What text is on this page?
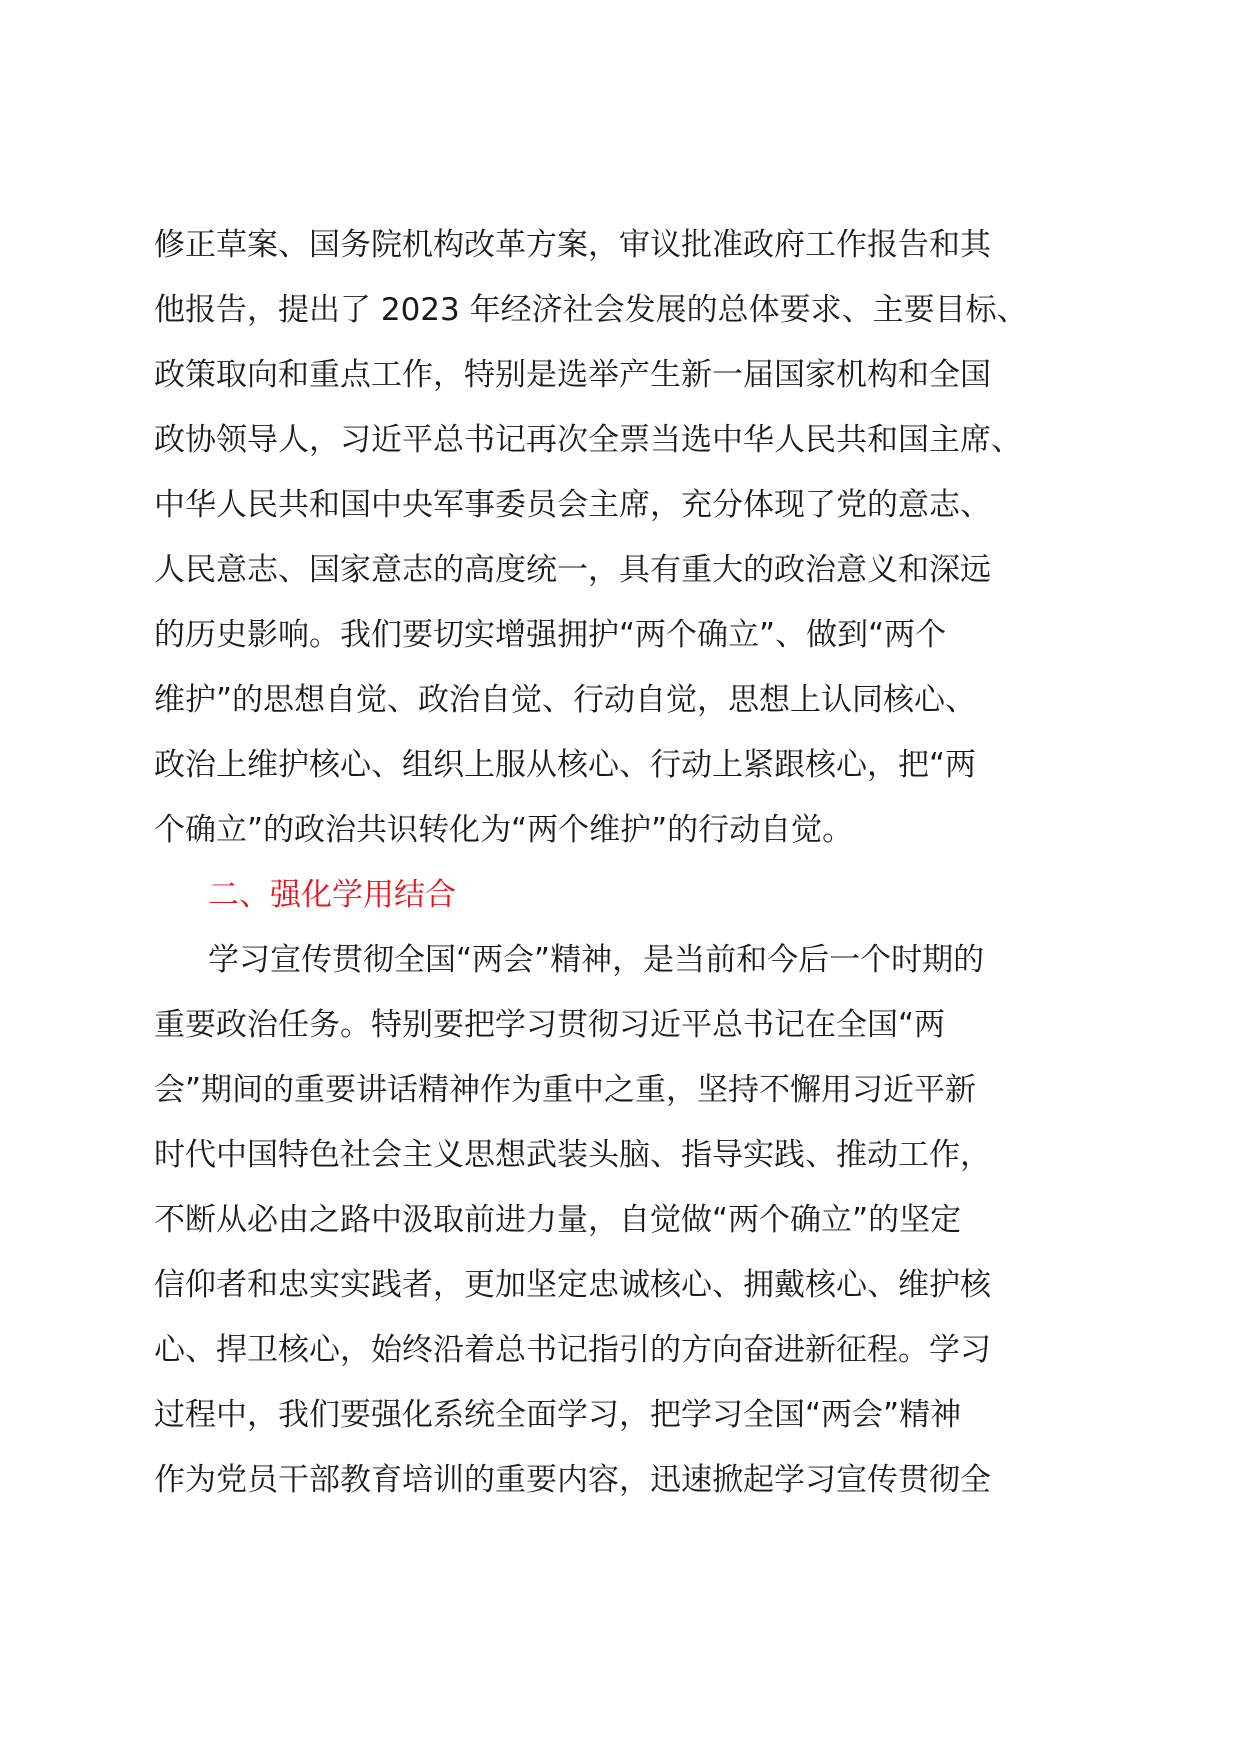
修正草案、国务院机构改革方案，审议批准政府工作报告和其
他报告，提出了 2023 年经济社会发展的总体要求、主要目标、
政策取向和重点工作，特别是选举产生新一届国家机构和全国
政协领导人，习近平总书记再次全票当选中华人民共和国主席、
中华人民共和国中央军事委员会主席，充分体现了党的意志、
人民意志、国家意志的高度统一，具有重大的政治意义和深远
的历史影响。我们要切实增强拥护“两个确立”、做到“两个
维护”的思想自觉、政治自觉、行动自觉，思想上认同核心、
政治上维护核心、组织上服从核心、行动上紧跟核心，把“两
个确立”的政治共识转化为“两个维护”的行动自觉。
二、强化学用结合
学习宣传贯彻全国“两会”精神，是当前和今后一个时期的
重要政治任务。特别要把学习贯彻习近平总书记在全国“两
会”期间的重要讲话精神作为重中之重，坚持不懈用习近平新
时代中国特色社会主义思想武装头脑、指导实践、推动工作，
不断从必由之路中汲取前进力量，自觉做“两个确立”的坚定
信仰者和忠实实践者，更加坚定忠诚核心、拥戴核心、维护核
心、捍卫核心，始终沿着总书记指引的方向奋进新征程。学习
过程中，我们要强化系统全面学习，把学习全国“两会”精神
作为党员干部教育培训的重要内容，迅速掀起学习宣传贯彻全
